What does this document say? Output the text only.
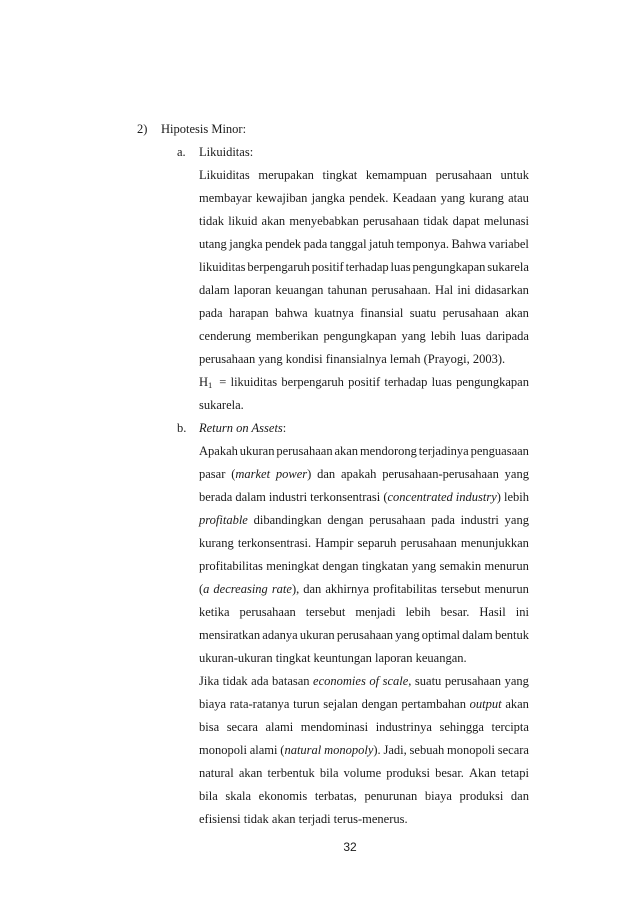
2) Hipotesis Minor:
a. Likuiditas:
Likuiditas merupakan tingkat kemampuan perusahaan untuk
membayar kewajiban jangka pendek. Keadaan yang kurang atau
tidak likuid akan menyebabkan perusahaan tidak dapat melunasi
utang jangka pendek pada tanggal jatuh temponya. Bahwa variabel
likuiditas berpengaruh positif terhadap luas pengungkapan sukarela
dalam laporan keuangan tahunan perusahaan. Hal ini didasarkan
pada harapan bahwa kuatnya finansial suatu perusahaan akan
cenderung memberikan pengungkapan yang lebih luas daripada
perusahaan yang kondisi finansialnya lemah (Prayogi, 2003).
$H_1$ = likuiditas berpengaruh positif terhadap luas pengungkapan
sukarela.
b. Return on Assets:
Apakah ukuran perusahaan akan mendorong terjadinya penguasaan
pasar (market power) dan apakah perusahaan-perusahaan yang
berada dalam industri terkonsentrasi (concentrated industry) lebih
profitable dibandingkan dengan perusahaan pada industri yang
kurang terkonsentrasi. Hampir separuh perusahaan menunjukkan
profitabilitas meningkat dengan tingkatan yang semakin menurun
(a decreasing rate), dan akhirnya profitabilitas tersebut menurun
ketika perusahaan tersebut menjadi lebih besar. Hasil ini
mensiratkan adanya ukuran perusahaan yang optimal dalam bentuk
ukuran-ukuran tingkat keuntungan laporan keuangan.
Jika tidak ada batasan economies of scale, suatu perusahaan yang
biaya rata-ratanya turun sejalan dengan pertambahan output akan
bisa secara alami mendominasi industrinya sehingga tercipta
monopoli alami (natural monopoly). Jadi, sebuah monopoli secara
natural akan terbentuk bila volume produksi besar. Akan tetapi
bila skala ekonomis terbatas, penurunan biaya produksi dan
efisiensi tidak akan terjadi terus-menerus.
32
